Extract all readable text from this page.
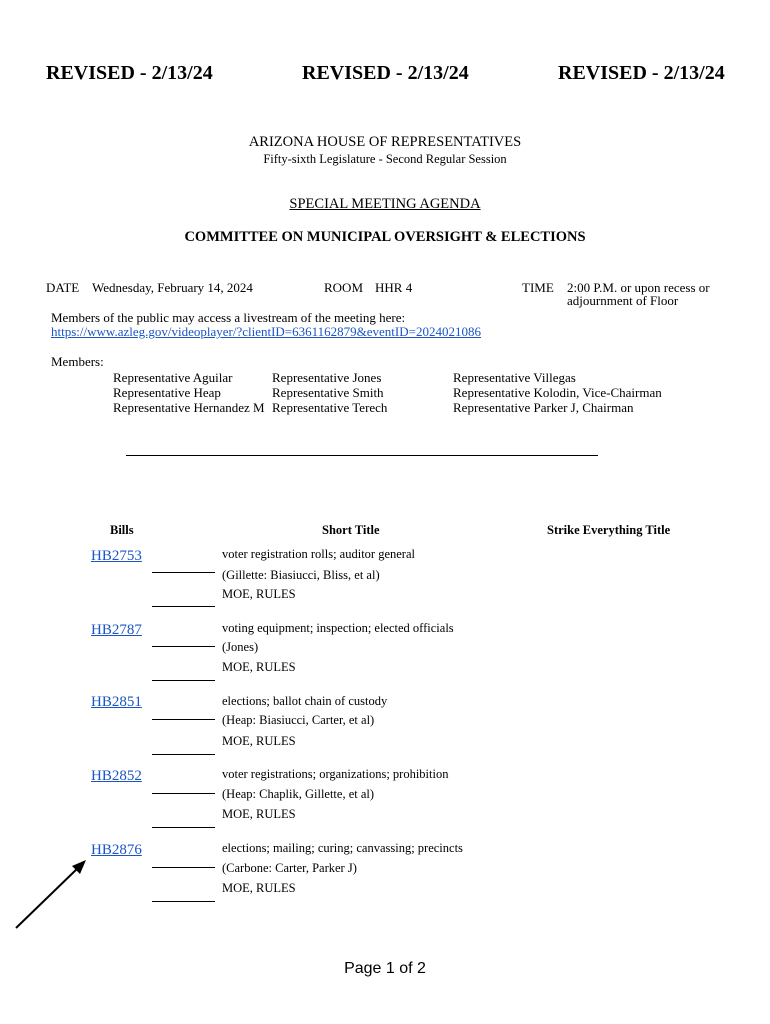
REVISED - 2/13/24	REVISED - 2/13/24	REVISED - 2/13/24
ARIZONA HOUSE OF REPRESENTATIVES
Fifty-sixth Legislature - Second Regular Session
SPECIAL MEETING AGENDA
COMMITTEE ON MUNICIPAL OVERSIGHT & ELECTIONS
DATE Wednesday, February 14, 2024	ROOM HHR 4	TIME 2:00 P.M. or upon recess or
adjournment of Floor
Members of the public may access a livestream of the meeting here:
https://www.azleg.gov/videoplayer/?clientID=6361162879&eventID=2024021086
Members:
Representative Aguilar
Representative Heap
Representative Hernandez M
Representative Jones
Representative Smith
Representative Terech
Representative Villegas
Representative Kolodin, Vice-Chairman
Representative Parker J, Chairman
Bills	Short Title	Strike Everything Title
HB2753	voter registration rolls; auditor general
(Gillette: Biasiucci, Bliss, et al)
MOE, RULES
HB2787	voting equipment; inspection; elected officials
(Jones)
MOE, RULES
HB2851	elections; ballot chain of custody
(Heap: Biasiucci, Carter, et al)
MOE, RULES
HB2852	voter registrations; organizations; prohibition
(Heap: Chaplik, Gillette, et al)
MOE, RULES
HB2876	elections; mailing; curing; canvassing; precincts
(Carbone: Carter, Parker J)
MOE, RULES
Page 1 of 2
